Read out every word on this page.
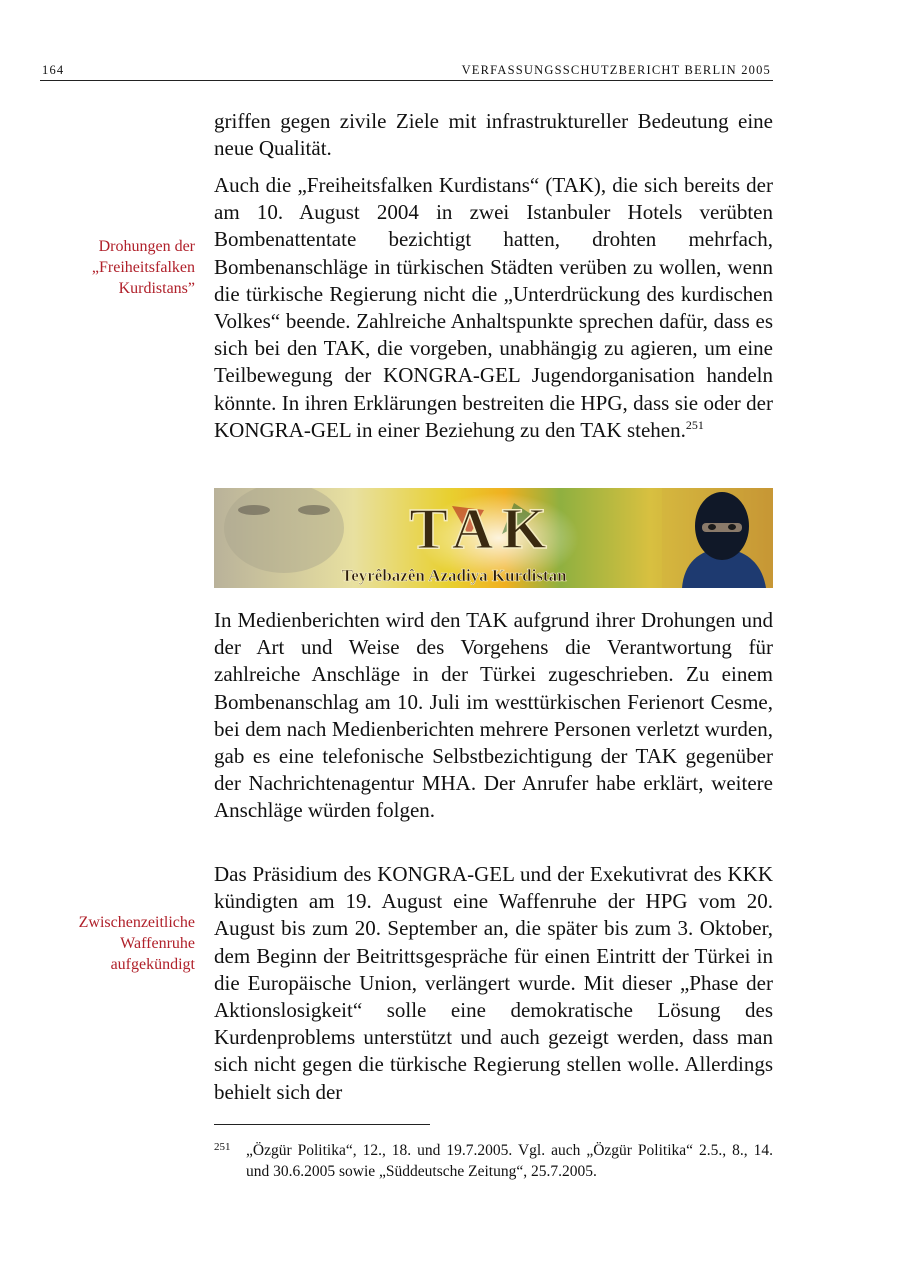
164	VERFASSUNGSSCHUTZBERICHT BERLIN 2005

griffen gegen zivile Ziele mit infrastruktureller Bedeutung eine neue Qualität.

Auch die „Freiheitsfalken Kurdistans“ (TAK), die sich bereits der am 10. August 2004 in zwei Istanbuler Hotels verübten Bombenattentate bezichtigt hatten, drohten mehrfach, Bombenanschläge in türkischen Städten verüben zu wollen, wenn die türkische Regierung nicht die „Unterdrückung des kurdischen Volkes“ beende. Zahlreiche Anhaltspunkte sprechen dafür, dass es sich bei den TAK, die vorgeben, unabhängig zu agieren, um eine Teilbewegung der KONGRA-GEL Jugendorganisation handeln könnte. In ihren Erklärungen bestreiten die HPG, dass sie oder der KONGRA-GEL in einer Beziehung zu den TAK stehen.$^{251}$

Drohungen der
„Freiheitsfalken
Kurdistans”
TAK
Teyrêbazên Azadiya Kurdistan

In Medienberichten wird den TAK aufgrund ihrer Drohungen und der Art und Weise des Vorgehens die Verantwortung für zahlreiche Anschläge in der Türkei zugeschrieben. Zu einem Bombenanschlag am 10. Juli im westtürkischen Ferienort Cesme, bei dem nach Medienberichten mehrere Personen verletzt wurden, gab es eine telefonische Selbstbezichtigung der TAK gegenüber der Nachrichtenagentur MHA. Der Anrufer habe erklärt, weitere Anschläge würden folgen.

Das Präsidium des KONGRA-GEL und der Exekutivrat des KKK kündigten am 19. August eine Waffenruhe der HPG vom 20. August bis zum 20. September an, die später bis zum 3. Oktober, dem Beginn der Beitrittsgespräche für einen Eintritt der Türkei in die Europäische Union, verlängert wurde. Mit dieser „Phase der Aktionslosigkeit“ solle eine demokratische Lösung des Kurdenproblems unterstützt und auch gezeigt werden, dass man sich nicht gegen die türkische Regierung stellen wolle. Allerdings behielt sich der

Zwischenzeitliche
Waffenruhe
aufgekündigt
251 „Özgür Politika“, 12., 18. und 19.7.2005. Vgl. auch „Özgür Politika“ 2.5., 8., 14. und 30.6.2005 sowie „Süddeutsche Zeitung“, 25.7.2005.
